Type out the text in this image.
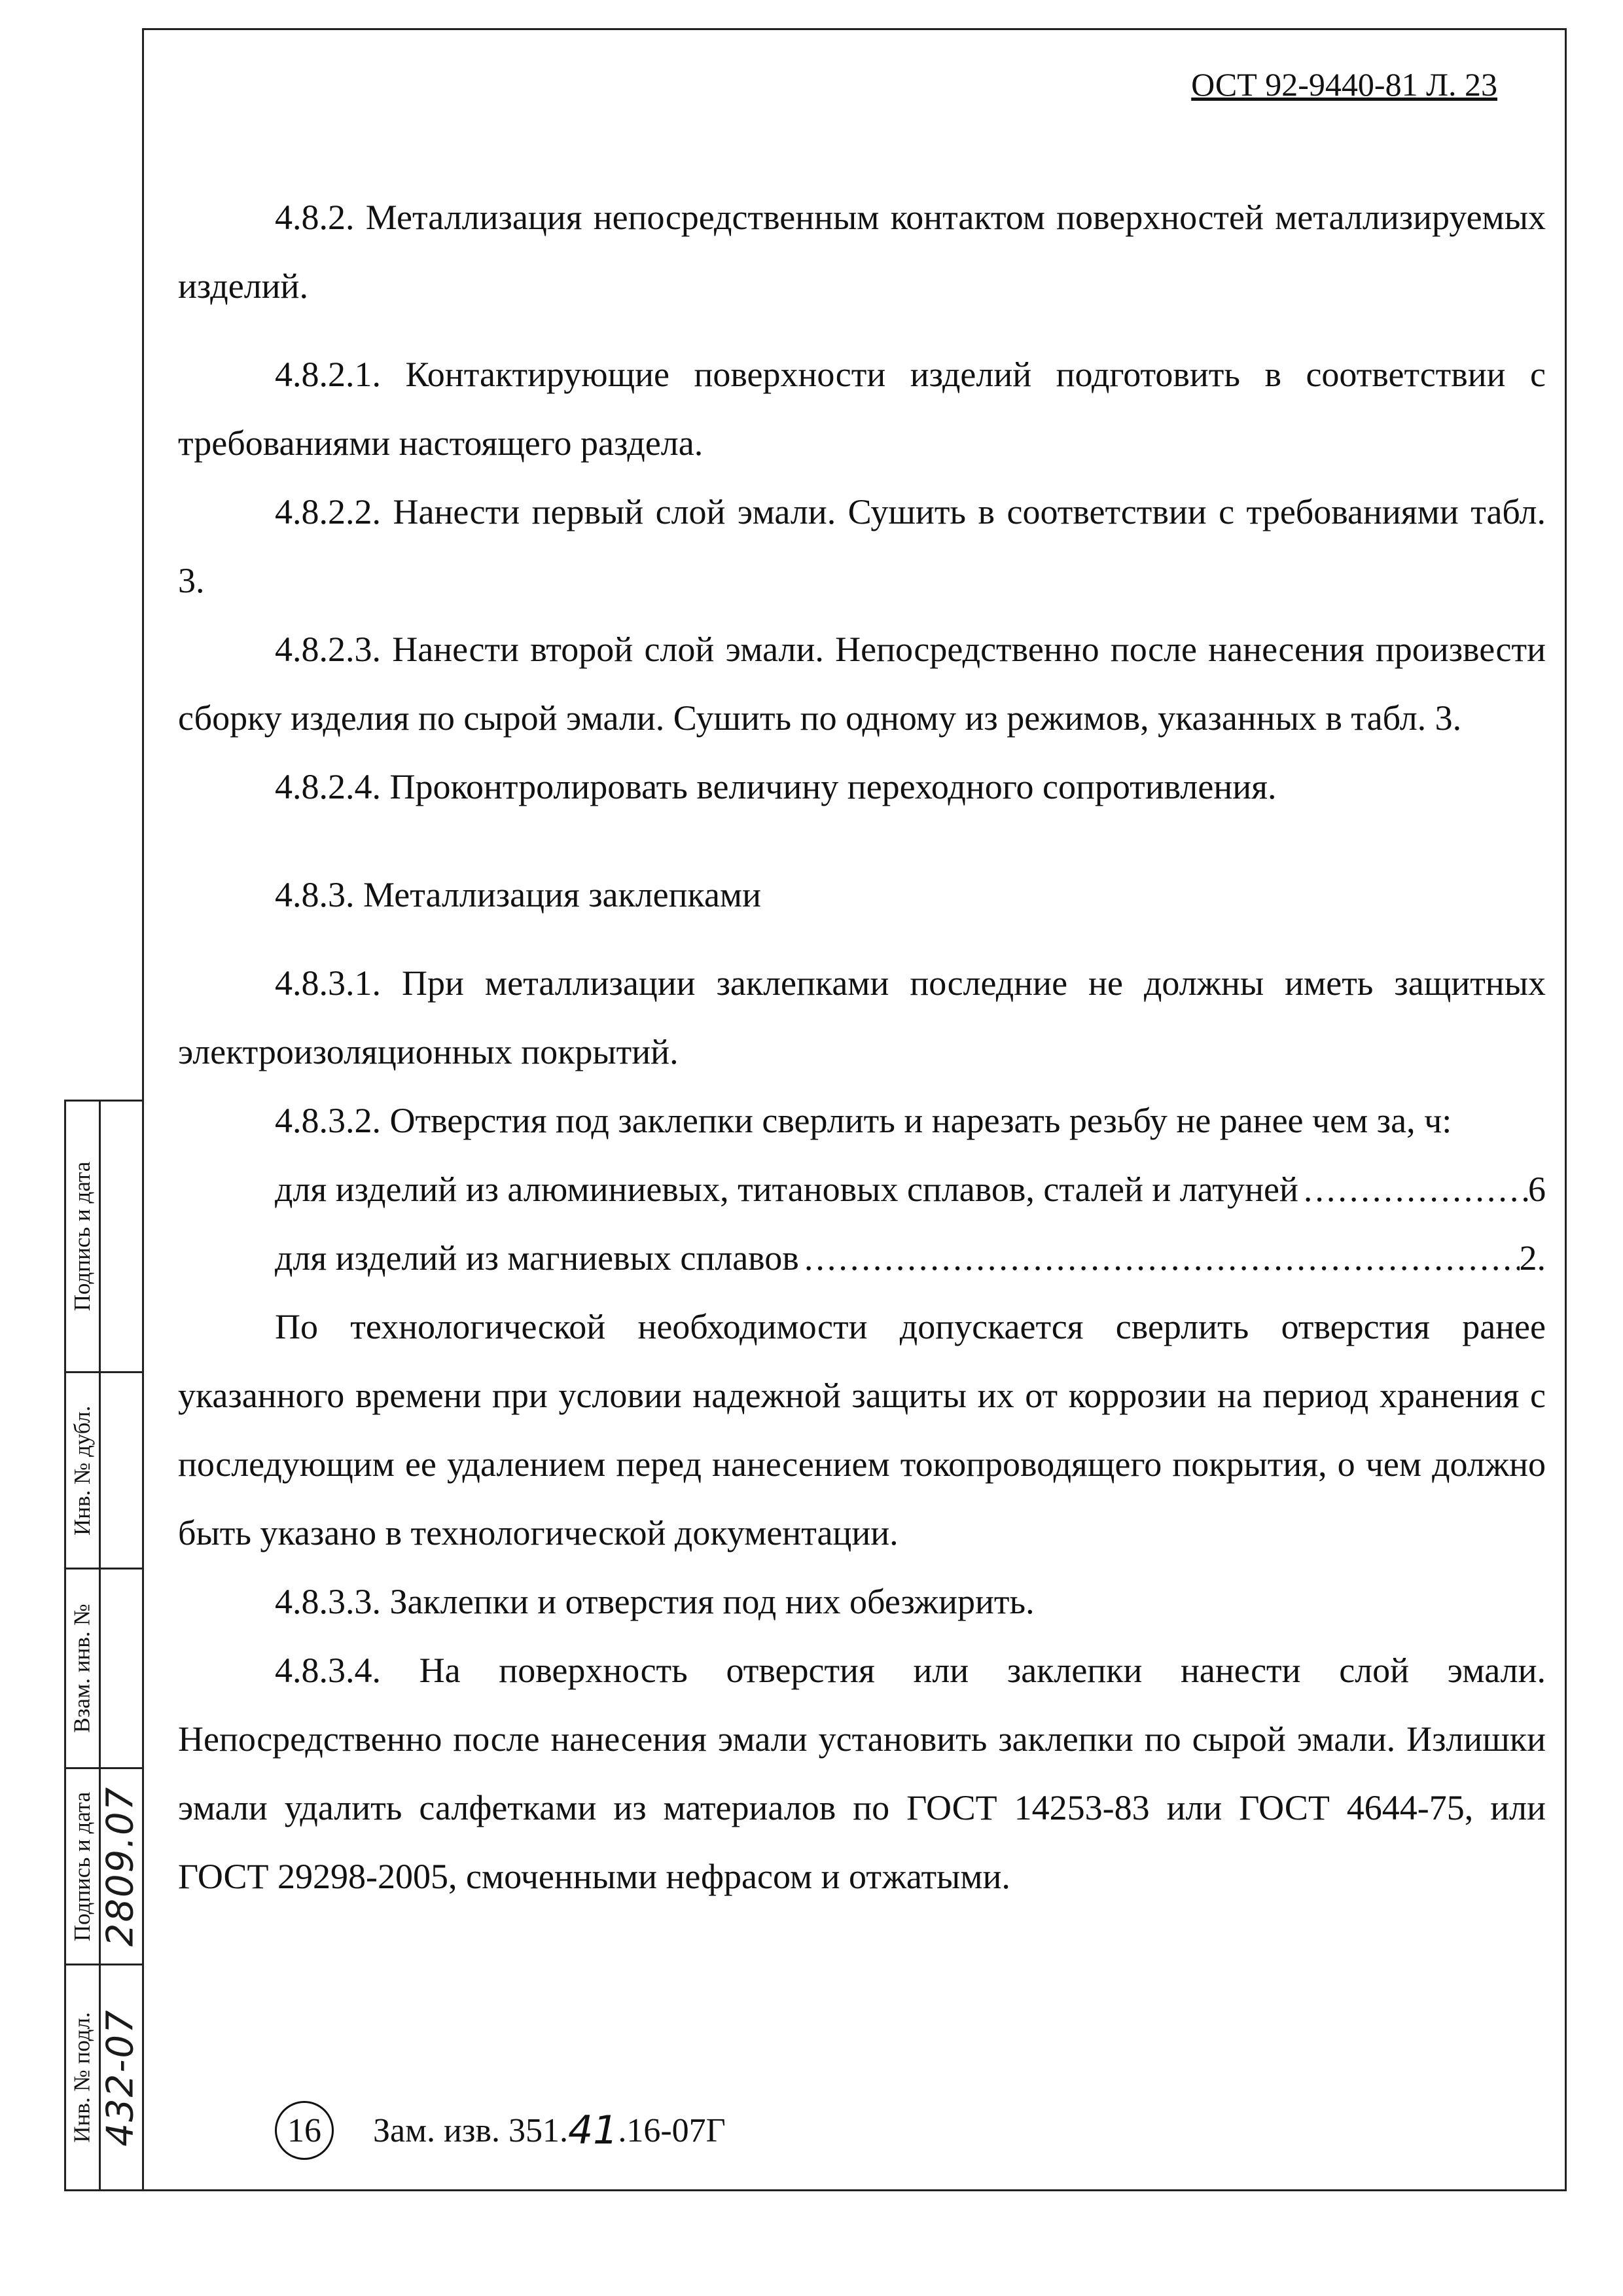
ОСТ 92-9440-81 Л. 23

4.8.2. Металлизация непосредственным контактом поверхностей металлизируемых изделий.

4.8.2.1. Контактирующие поверхности изделий подготовить в соответствии с требованиями настоящего раздела.

4.8.2.2. Нанести первый слой эмали. Сушить в соответствии с требованиями табл. 3.

4.8.2.3. Нанести второй слой эмали. Непосредственно после нанесения произвести сборку изделия по сырой эмали. Сушить по одному из режимов, указанных в табл. 3.

4.8.2.4. Проконтролировать величину переходного сопротивления.

4.8.3. Металлизация заклепками

4.8.3.1. При металлизации заклепками последние не должны иметь защитных электроизоляционных покрытий.

4.8.3.2. Отверстия под заклепки сверлить и нарезать резьбу не ранее чем за, ч:

для изделий из алюминиевых, титановых сплавов, сталей и латуней .....	6
для изделий из магниевых сплавов .....	2.

По технологической необходимости допускается сверлить отверстия ранее указанного времени при условии надежной защиты их от коррозии на период хранения с последующим ее удалением перед нанесением токопроводящего покрытия, о чем должно быть указано в технологической документации.

4.8.3.3. Заклепки и отверстия под них обезжирить.

4.8.3.4. На поверхность отверстия или заклепки нанести слой эмали. Непосредственно после нанесения эмали установить заклепки по сырой эмали. Излишки эмали удалить салфетками из материалов по ГОСТ 14253-83 или ГОСТ 4644-75, или ГОСТ 29298-2005, смоченными нефрасом и отжатыми.

16	Зам. изв. 351. 41 .16-07Г
Подпись и дата
Инв. № дубл.
Взам. инв. №
Подпись и дата 2809.07
Инв. № подл. 432-07
